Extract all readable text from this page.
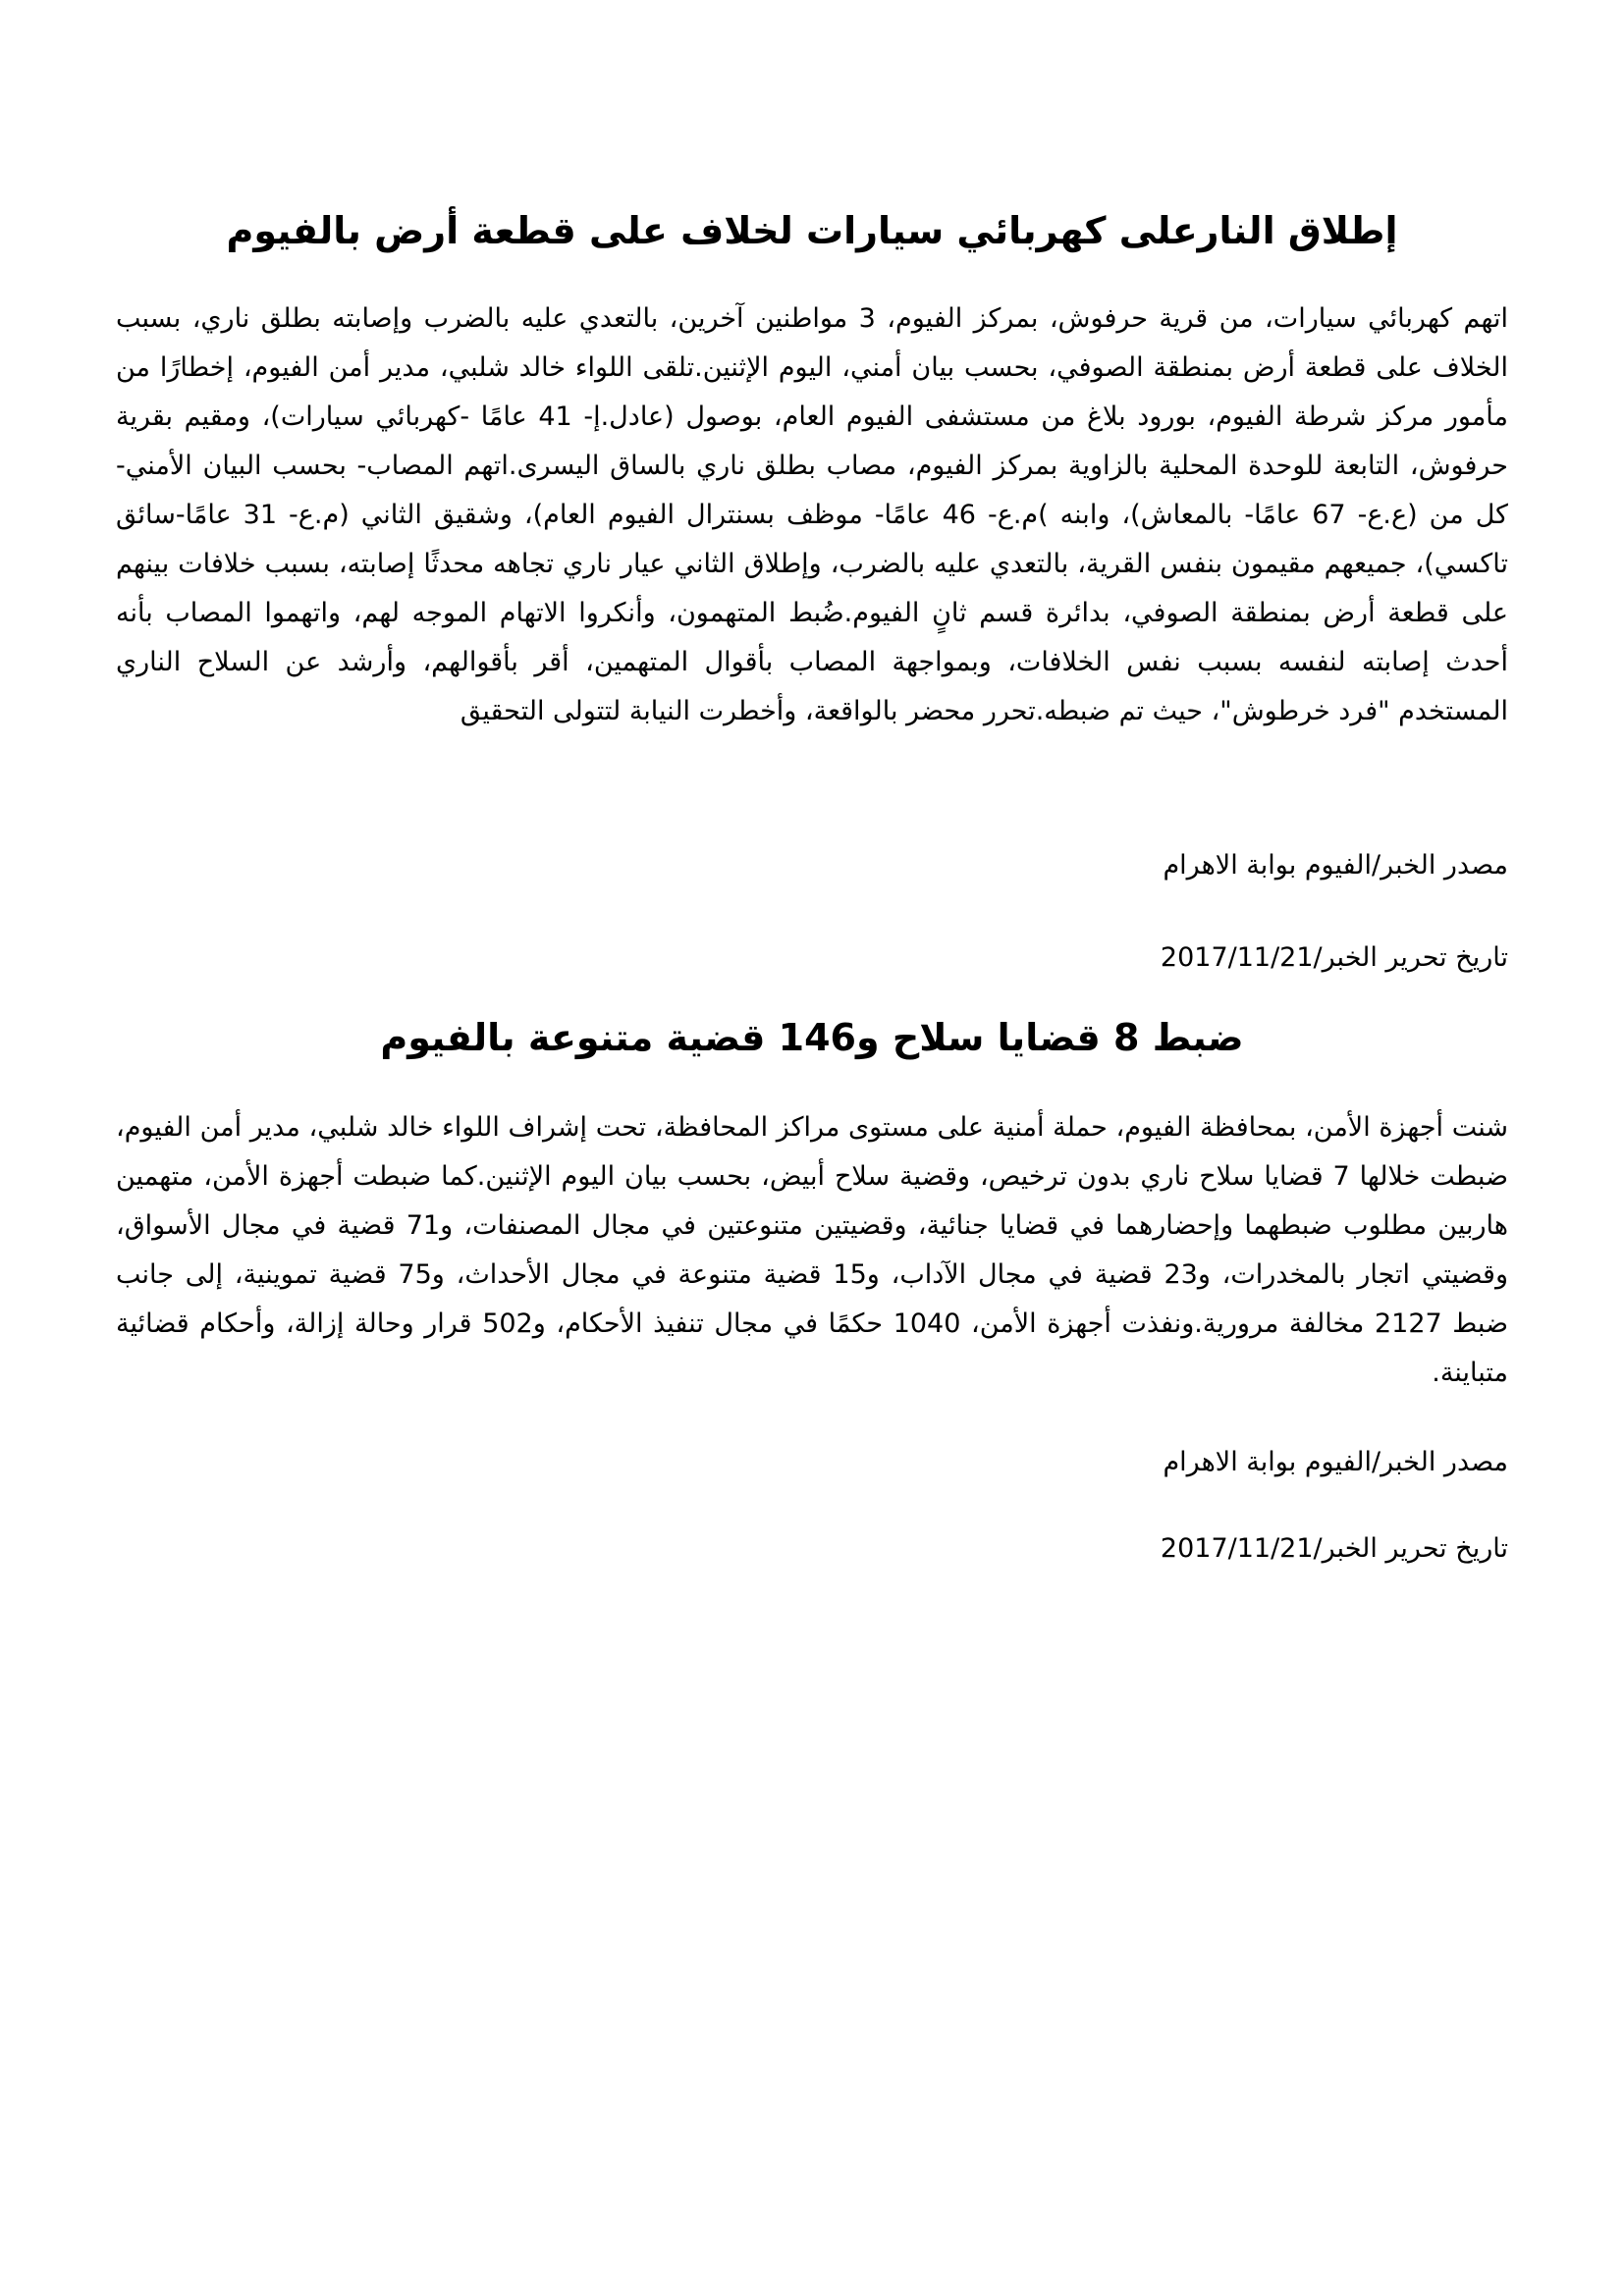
إطلاق النارعلى كهربائي سيارات لخلاف على قطعة أرض بالفيوم

اتهم كهربائي سيارات، من قرية حرفوش، بمركز الفيوم، 3 مواطنين آخرين، بالتعدي عليه بالضرب وإصابته بطلق ناري، بسبب الخلاف على قطعة أرض بمنطقة الصوفي، بحسب بيان أمني، اليوم الإثنين.تلقى اللواء خالد شلبي، مدير أمن الفيوم، إخطارًا من مأمور مركز شرطة الفيوم، بورود بلاغ من مستشفى الفيوم العام، بوصول (عادل.إ- 41 عامًا -كهربائي سيارات)، ومقيم بقرية حرفوش، التابعة للوحدة المحلية بالزاوية بمركز الفيوم، مصاب بطلق ناري بالساق اليسرى.اتهم المصاب- بحسب البيان الأمني- كل من (ع.ع- 67 عامًا- بالمعاش)، وابنه )م.ع- 46 عامًا- موظف بسنترال الفيوم العام)، وشقيق الثاني (م.ع- 31 عامًا-سائق تاكسي)، جميعهم مقيمون بنفس القرية، بالتعدي عليه بالضرب، وإطلاق الثاني عيار ناري تجاهه محدثًا إصابته، بسبب خلافات بينهم على قطعة أرض بمنطقة الصوفي، بدائرة قسم ثانٍ الفيوم.ضُبط المتهمون، وأنكروا الاتهام الموجه لهم، واتهموا المصاب بأنه أحدث إصابته لنفسه بسبب نفس الخلافات، وبمواجهة المصاب بأقوال المتهمين، أقر بأقوالهم، وأرشد عن السلاح الناري المستخدم "فرد خرطوش"، حيث تم ضبطه.تحرر محضر بالواقعة، وأخطرت النيابة لتتولى التحقيق

مصدر الخبر/الفيوم بوابة الاهرام

تاريخ تحرير الخبر/2017/11/21

ضبط 8 قضايا سلاح و146 قضية متنوعة بالفيوم

شنت أجهزة الأمن، بمحافظة الفيوم، حملة أمنية على مستوى مراكز المحافظة، تحت إشراف اللواء خالد شلبي، مدير أمن الفيوم، ضبطت خلالها 7 قضايا سلاح ناري بدون ترخيص، وقضية سلاح أبيض، بحسب بيان اليوم الإثنين.كما ضبطت أجهزة الأمن، متهمين هاربين مطلوب ضبطهما وإحضارهما في قضايا جنائية، وقضيتين متنوعتين في مجال المصنفات، و71 قضية في مجال الأسواق، وقضيتي اتجار بالمخدرات، و23 قضية في مجال الآداب، و15 قضية متنوعة في مجال الأحداث، و75 قضية تموينية، إلى جانب ضبط 2127 مخالفة مرورية.ونفذت أجهزة الأمن، 1040 حكمًا في مجال تنفيذ الأحكام، و502 قرار وحالة إزالة، وأحكام قضائية متباينة.

مصدر الخبر/الفيوم بوابة الاهرام

تاريخ تحرير الخبر/2017/11/21
